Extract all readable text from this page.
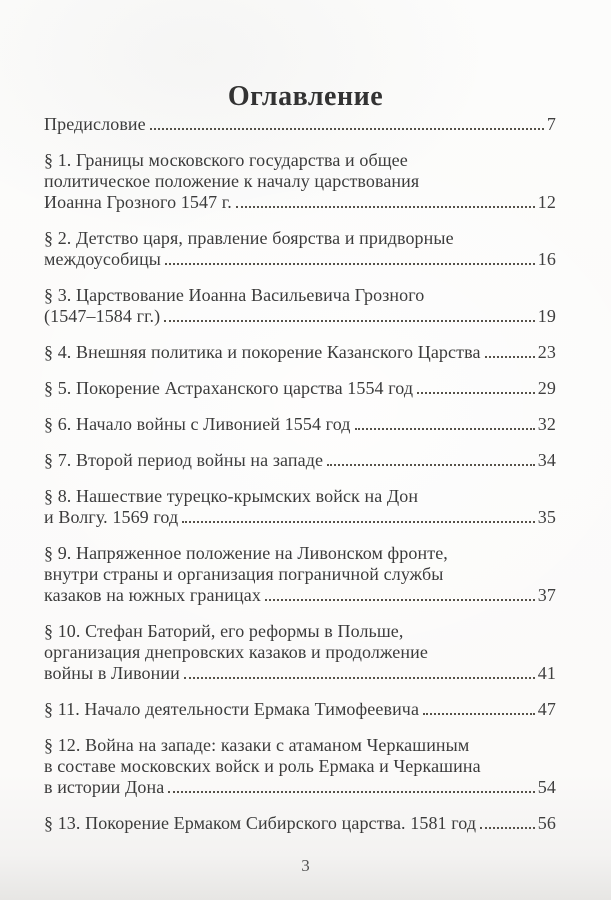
Оглавление
Предисловие	7
§ 1. Границы московского государства и общее
политическое положение к началу царствования
Иоанна Грозного 1547 г.	12
§ 2. Детство царя, правление боярства и придворные
междоусобицы	16
§ 3. Царствование Иоанна Васильевича Грозного
(1547–1584 гг.)	19
§ 4. Внешняя политика и покорение Казанского Царства	23
§ 5. Покорение Астраханского царства 1554 год	29
§ 6. Начало войны с Ливонией 1554 год	32
§ 7. Второй период войны на западе	34
§ 8. Нашествие турецко-крымских войск на Дон
и Волгу. 1569 год	35
§ 9. Напряженное положение на Ливонском фронте,
внутри страны и организация пограничной службы
казаков на южных границах	37
§ 10. Стефан Баторий, его реформы в Польше,
организация днепровских казаков и продолжение
войны в Ливонии	41
§ 11. Начало деятельности Ермака Тимофеевича	47
§ 12. Война на западе: казаки с атаманом Черкашиным
в составе московских войск и роль Ермака и Черкашина
в истории Дона	54
§ 13. Покорение Ермаком Сибирского царства. 1581 год	56
3
